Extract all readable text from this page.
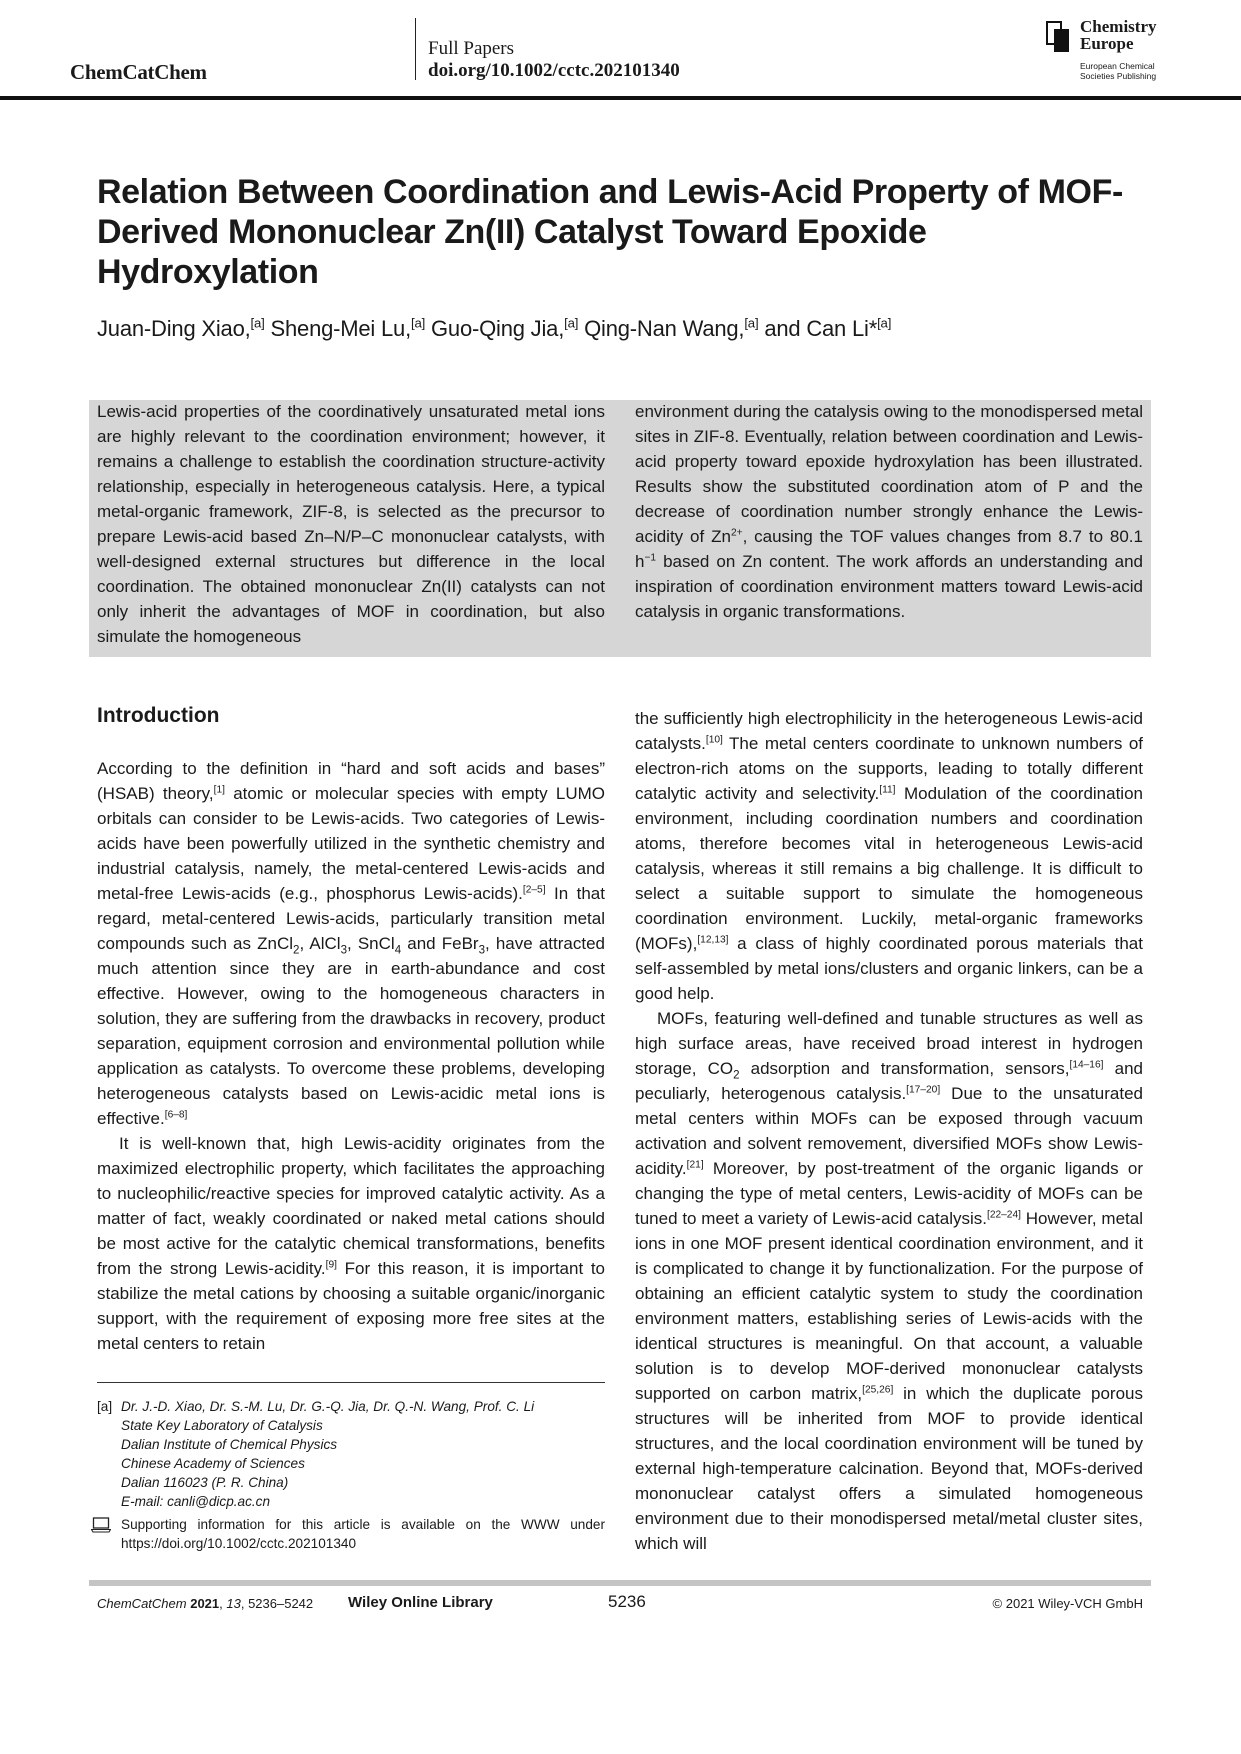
ChemCatChem
Full Papers
doi.org/10.1002/cctc.202101340
Chemistry
Europe
European Chemical
Societies Publishing
Relation Between Coordination and Lewis-Acid Property of MOF-Derived Mononuclear Zn(II) Catalyst Toward Epoxide Hydroxylation
Juan-Ding Xiao,[a] Sheng-Mei Lu,[a] Guo-Qing Jia,[a] Qing-Nan Wang,[a] and Can Li*[a]

Lewis-acid properties of the coordinatively unsaturated metal ions are highly relevant to the coordination environment; however, it remains a challenge to establish the coordination structure-activity relationship, especially in heterogeneous catalysis. Here, a typical metal-organic framework, ZIF-8, is selected as the precursor to prepare Lewis-acid based Zn–N/P–C mononuclear catalysts, with well-designed external structures but difference in the local coordination. The obtained mononuclear Zn(II) catalysts can not only inherit the advantages of MOF in coordination, but also simulate the homogeneous

environment during the catalysis owing to the monodispersed metal sites in ZIF-8. Eventually, relation between coordination and Lewis-acid property toward epoxide hydroxylation has been illustrated. Results show the substituted coordination atom of P and the decrease of coordination number strongly enhance the Lewis-acidity of $Zn^{2+}$, causing the TOF values changes from 8.7 to 80.1 $h^{-1}$ based on Zn content. The work affords an understanding and inspiration of coordination environment matters toward Lewis-acid catalysis in organic transformations.

Introduction

According to the definition in “hard and soft acids and bases” (HSAB) theory,[1] atomic or molecular species with empty LUMO orbitals can consider to be Lewis-acids. Two categories of Lewis-acids have been powerfully utilized in the synthetic chemistry and industrial catalysis, namely, the metal-centered Lewis-acids and metal-free Lewis-acids (e.g., phosphorus Lewis-acids).[2–5] In that regard, metal-centered Lewis-acids, particularly transition metal compounds such as ZnCl$_2$, AlCl$_3$, SnCl$_4$ and FeBr$_3$, have attracted much attention since they are in earth-abundance and cost effective. However, owing to the homogeneous characters in solution, they are suffering from the drawbacks in recovery, product separation, equipment corrosion and environmental pollution while application as catalysts. To overcome these problems, developing heterogeneous catalysts based on Lewis-acidic metal ions is effective.[6–8]

It is well-known that, high Lewis-acidity originates from the maximized electrophilic property, which facilitates the approaching to nucleophilic/reactive species for improved catalytic activity. As a matter of fact, weakly coordinated or naked metal cations should be most active for the catalytic chemical transformations, benefits from the strong Lewis-acidity.[9] For this reason, it is important to stabilize the metal cations by choosing a suitable organic/inorganic support, with the requirement of exposing more free sites at the metal centers to retain

the sufficiently high electrophilicity in the heterogeneous Lewis-acid catalysts.[10] The metal centers coordinate to unknown numbers of electron-rich atoms on the supports, leading to totally different catalytic activity and selectivity.[11] Modulation of the coordination environment, including coordination numbers and coordination atoms, therefore becomes vital in heterogeneous Lewis-acid catalysis, whereas it still remains a big challenge. It is difficult to select a suitable support to simulate the homogeneous coordination environment. Luckily, metal-organic frameworks (MOFs),[12,13] a class of highly coordinated porous materials that self-assembled by metal ions/clusters and organic linkers, can be a good help.

MOFs, featuring well-defined and tunable structures as well as high surface areas, have received broad interest in hydrogen storage, $CO_2$ adsorption and transformation, sensors,[14–16] and peculiarly, heterogenous catalysis.[17–20] Due to the unsaturated metal centers within MOFs can be exposed through vacuum activation and solvent removement, diversified MOFs show Lewis-acidity.[21] Moreover, by post-treatment of the organic ligands or changing the type of metal centers, Lewis-acidity of MOFs can be tuned to meet a variety of Lewis-acid catalysis.[22–24] However, metal ions in one MOF present identical coordination environment, and it is complicated to change it by functionalization. For the purpose of obtaining an efficient catalytic system to study the coordination environment matters, establishing series of Lewis-acids with the identical structures is meaningful. On that account, a valuable solution is to develop MOF-derived mononuclear catalysts supported on carbon matrix,[25,26] in which the duplicate porous structures will be inherited from MOF to provide identical structures, and the local coordination environment will be tuned by external high-temperature calcination. Beyond that, MOFs-derived mononuclear catalyst offers a simulated homogeneous environment due to their monodispersed metal/metal cluster sites, which will

[a] Dr. J.-D. Xiao, Dr. S.-M. Lu, Dr. G.-Q. Jia, Dr. Q.-N. Wang, Prof. C. Li
State Key Laboratory of Catalysis
Dalian Institute of Chemical Physics
Chinese Academy of Sciences
Dalian 116023 (P. R. China)
E-mail: canli@dicp.ac.cn
Supporting information for this article is available on the WWW under https://doi.org/10.1002/cctc.202101340
ChemCatChem 2021, 13, 5236–5242 Wiley Online Library	5236	© 2021 Wiley-VCH GmbH
